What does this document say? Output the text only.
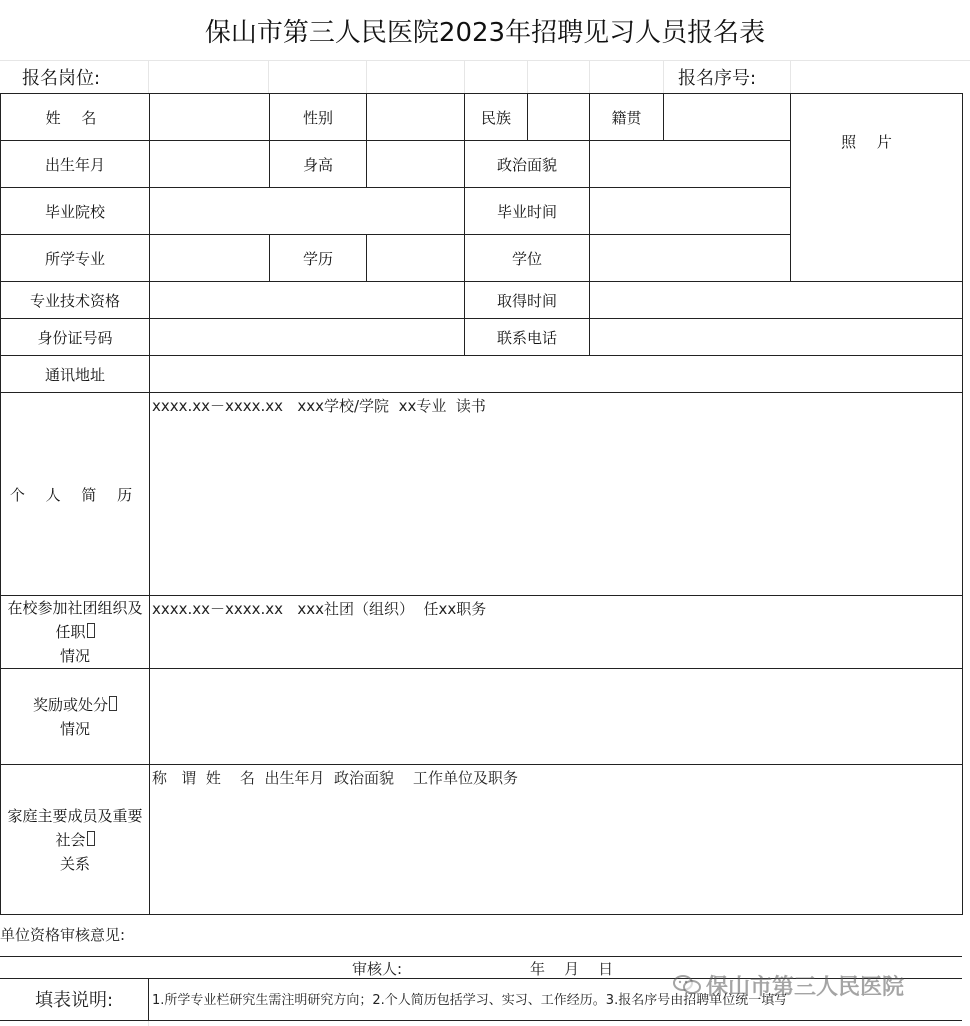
保山市第三人民医院2023年招聘见习人员报名表
报名岗位:	报名序号:
姓 名		性别		民族		籍贯		照 片
出生年月		身高		政治面貌				
毕业院校				毕业时间				
所学专业		学历		学位				
专业技术资格				取得时间				
身份证号码				联系电话				
通讯地址								
个 人 简 历	xxxx.xx－xxxx.xx   xxx学校/学院  xx专业  读书							

在校参加社团组织及
任职
情况	xxxx.xx－xxxx.xx   xxx社团（组织）  任xx职务							

奖励或处分
情况								

家庭主要成员及重要
社会
关系	称   谓  姓    名  出生年月  政治面貌    工作单位及职务							
单位资格审核意见:
审核人:	年    月    日
填表说明:	1.所学专业栏研究生需注明研究方向；2.个人简历包括学习、实习、工作经历。3.报名序号由招聘单位统一填写
保山市第三人民医院
